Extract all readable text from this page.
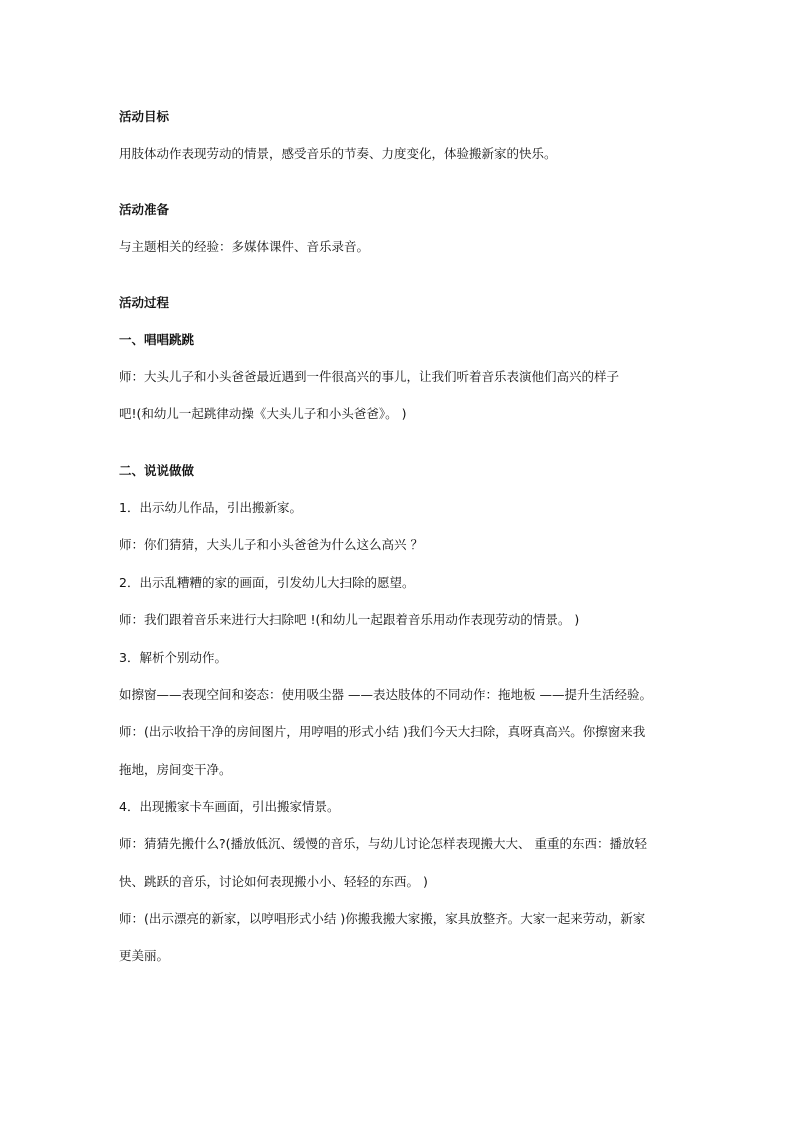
活动目标
用肢体动作表现劳动的情景，感受音乐的节奏、力度变化，体验搬新家的快乐。
活动准备
与主题相关的经验：多媒体课件、音乐录音。
活动过程
一、唱唱跳跳
师：大头儿子和小头爸爸最近遇到一件很高兴的事儿，让我们听着音乐表演他们高兴的样子
吧!(和幼儿一起跳律动操《大头儿子和小头爸爸》。 )
二、说说做做
1．出示幼儿作品，引出搬新家。
师：你们猜猜，大头儿子和小头爸爸为什么这么高兴 ？
2．出示乱糟糟的家的画面，引发幼儿大扫除的愿望。
师：我们跟着音乐来进行大扫除吧 !(和幼儿一起跟着音乐用动作表现劳动的情景。 )
3．解析个别动作。
如擦窗——表现空间和姿态：使用吸尘器 ——表达肢体的不同动作：拖地板 ——提升生活经验。
师：(出示收拾干净的房间图片，用哼唱的形式小结 )我们今天大扫除，真呀真高兴。你擦窗来我
拖地，房间变干净。
4．出现搬家卡车画面，引出搬家情景。
师：猜猜先搬什么?(播放低沉、缓慢的音乐，与幼儿讨论怎样表现搬大大、 重重的东西：播放轻
快、跳跃的音乐，讨论如何表现搬小小、轻轻的东西。 )
师：(出示漂亮的新家，以哼唱形式小结 )你搬我搬大家搬，家具放整齐。大家一起来劳动，新家
更美丽。
